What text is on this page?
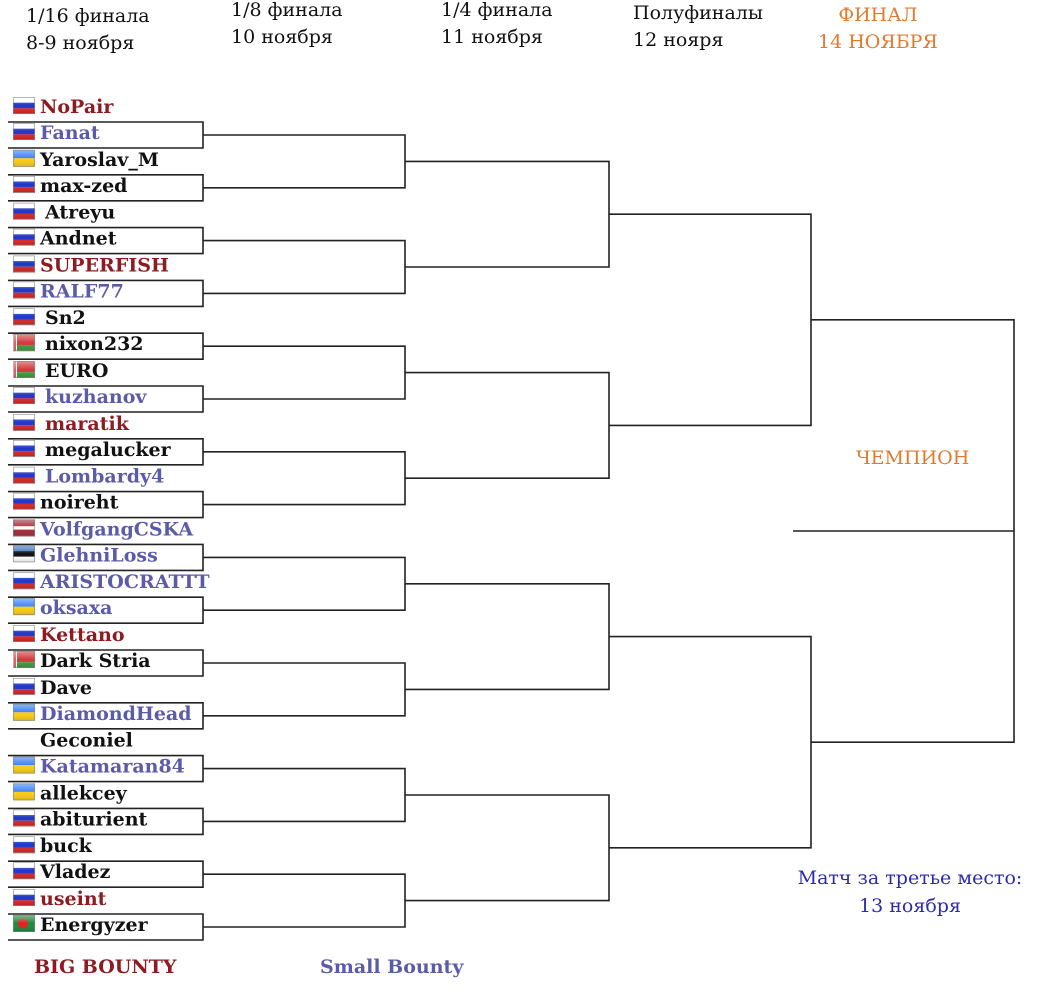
1/16 финала
8-9 ноября
1/8 финала
10 ноября
1/4 финала
11 ноября
Полуфиналы
12 нояря
ФИНАЛ
14 НОЯБРЯ
NoPair
Fanat
Yaroslav_M
max-zed
Atreyu
Andnet
SUPERFISH
RALF77
Sn2
nixon232
EURO
kuzhanov
maratik
megalucker
Lombardy4
noireht
VolfgangCSKA
GlehniLoss
ARISTOCRATTT
oksaxa
Kettano
Dark Stria
Dave
DiamondHead
Geconiel
Katamaran84
allekcey
abiturient
buck
Vladez
useint
Energyzer
ЧЕМПИОН
Матч за третье место:
13 ноября
BIG BOUNTY	Small Bounty
